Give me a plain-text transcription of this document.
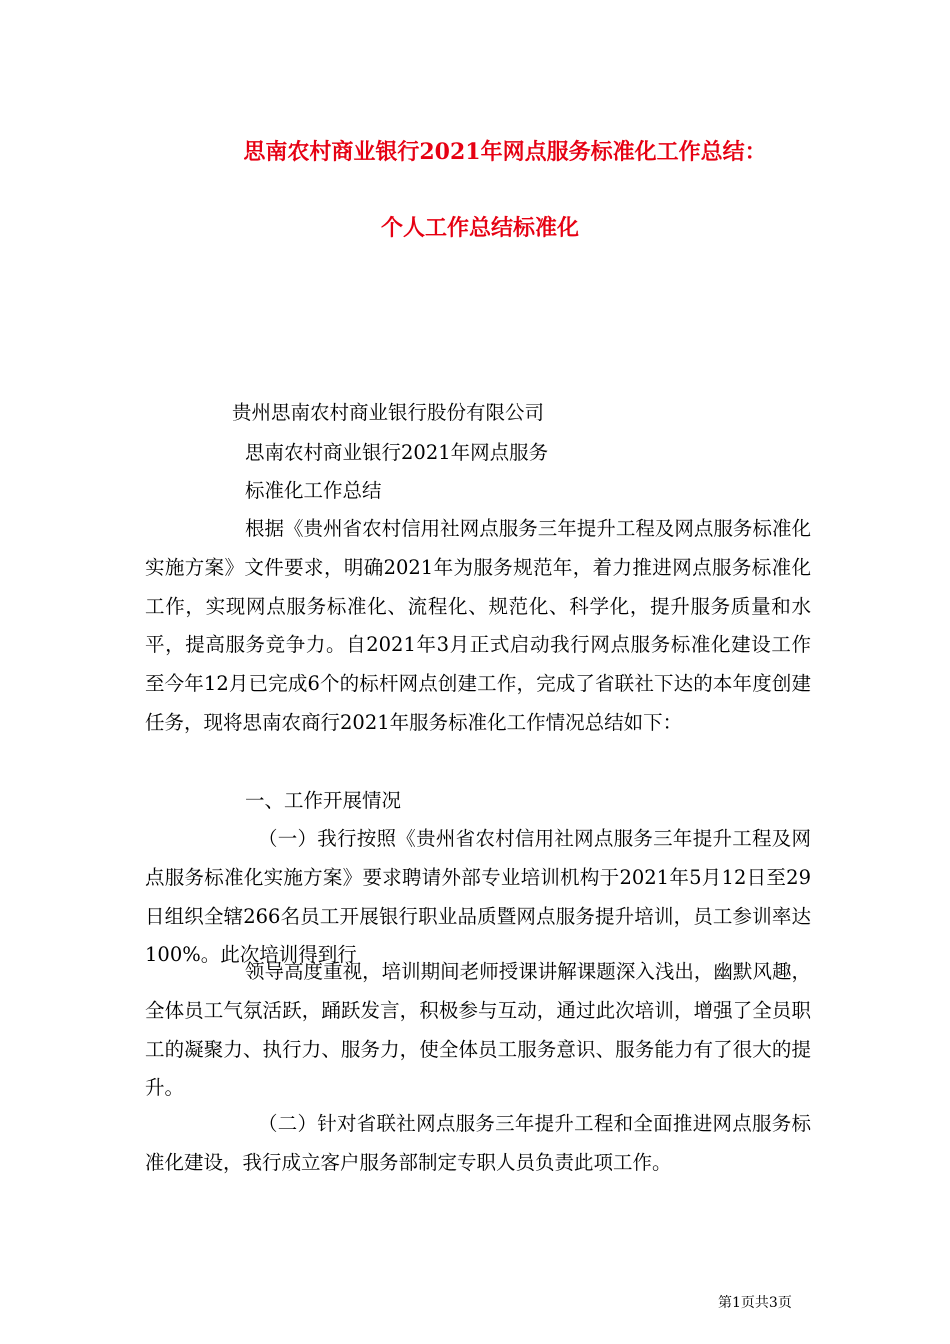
思南农村商业银行2021年网点服务标准化工作总结：
个人工作总结标准化
贵州思南农村商业银行股份有限公司
思南农村商业银行2021年网点服务
标准化工作总结

根据《贵州省农村信用社网点服务三年提升工程及网点服务标准化实施方案》文件要求，明确2021年为服务规范年，着力推进网点服务标准化工作，实现网点服务标准化、流程化、规范化、科学化，提升服务质量和水平，提高服务竞争力。自2021年3月正式启动我行网点服务标准化建设工作至今年12月已完成6个的标杆网点创建工作，完成了省联社下达的本年度创建任务，现将思南农商行2021年服务标准化工作情况总结如下：

一、工作开展情况

（一）我行按照《贵州省农村信用社网点服务三年提升工程及网点服务标准化实施方案》要求聘请外部专业培训机构于2021年5月12日至29日组织全辖266名员工开展银行职业品质暨网点服务提升培训，员工参训率达100%。此次培训得到行

领导高度重视，培训期间老师授课讲解课题深入浅出，幽默风趣，全体员工气氛活跃，踊跃发言，积极参与互动，通过此次培训，增强了全员职工的凝聚力、执行力、服务力，使全体员工服务意识、服务能力有了很大的提升。

（二）针对省联社网点服务三年提升工程和全面推进网点服务标准化建设，我行成立客户服务部制定专职人员负责此项工作。

第1页共3页
